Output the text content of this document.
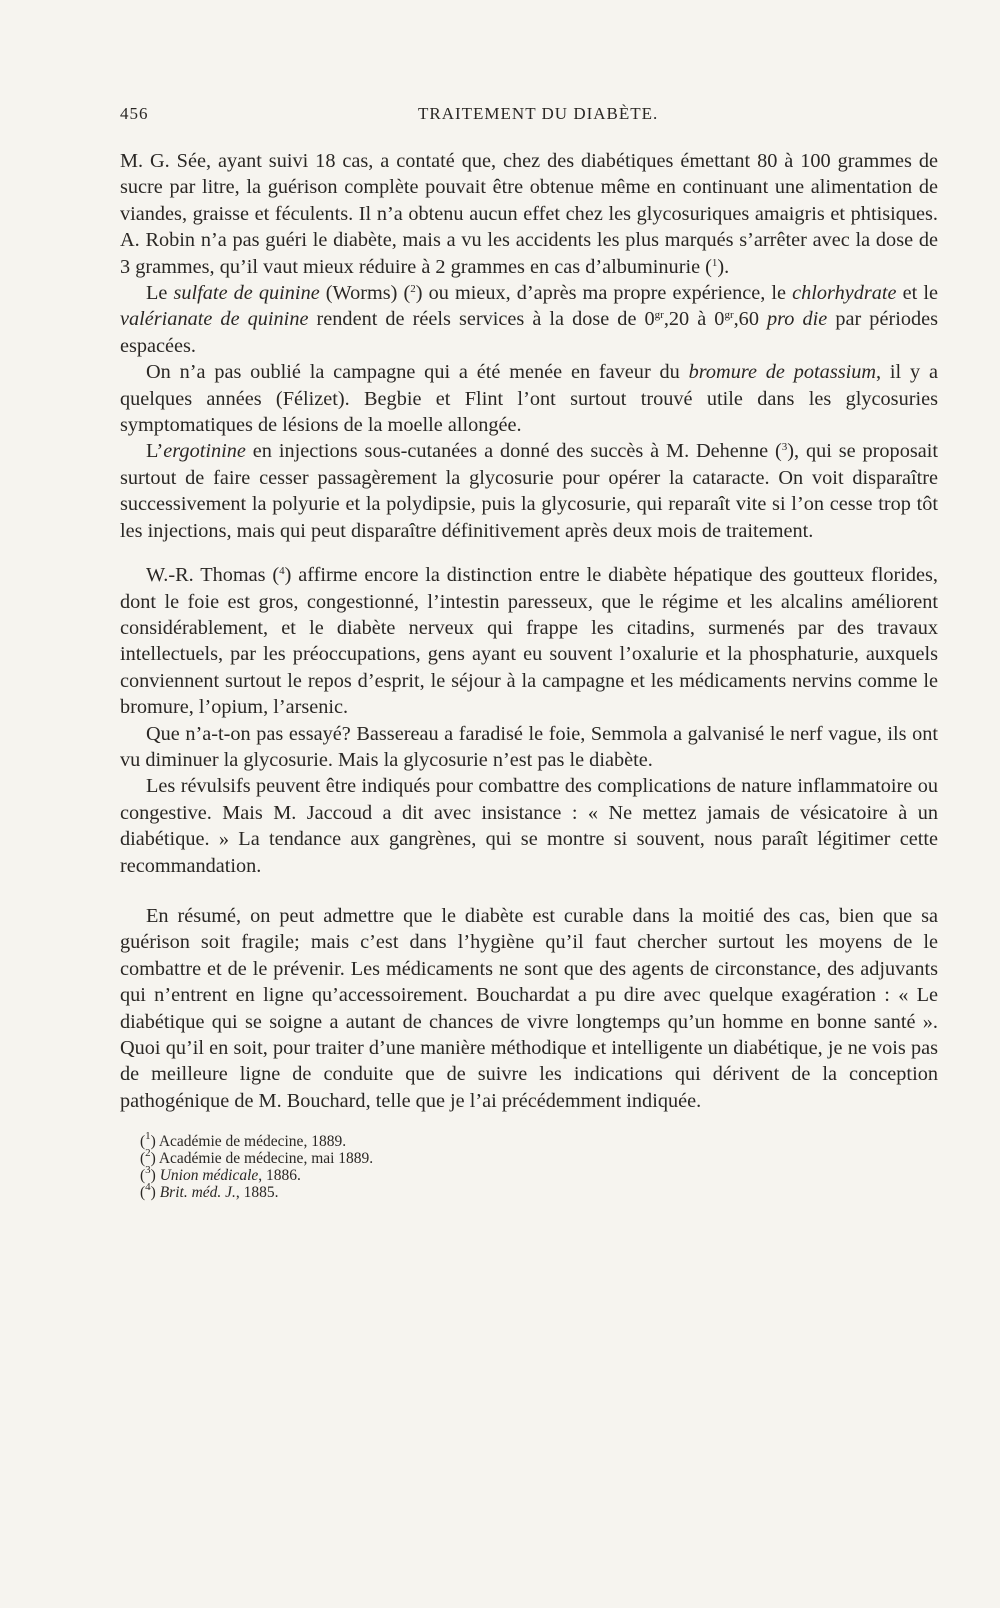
456	TRAITEMENT DU DIABÈTE.

M. G. Sée, ayant suivi 18 cas, a contaté que, chez des diabétiques émettant 80 à 100 grammes de sucre par litre, la guérison complète pouvait être obtenue même en continuant une alimentation de viandes, graisse et féculents. Il n’a obtenu aucun effet chez les glycosuriques amaigris et phtisiques. A. Robin n’a pas guéri le diabète, mais a vu les accidents les plus marqués s’arrêter avec la dose de 3 grammes, qu’il vaut mieux réduire à 2 grammes en cas d’albuminurie ($^1$).

Le sulfate de quinine (Worms) ($^2$) ou mieux, d’après ma propre expérience, le chlorhydrate et le valérianate de quinine rendent de réels services à la dose de $0^{gr},20$ à $0^{gr},60$ pro die par périodes espacées.

On n’a pas oublié la campagne qui a été menée en faveur du bromure de potassium, il y a quelques années (Félizet). Begbie et Flint l’ont surtout trouvé utile dans les glycosuries symptomatiques de lésions de la moelle allongée.

L’ergotinine en injections sous-cutanées a donné des succès à M. Dehenne ($^3$), qui se proposait surtout de faire cesser passagèrement la glycosurie pour opérer la cataracte. On voit disparaître successivement la polyurie et la polydipsie, puis la glycosurie, qui reparaît vite si l’on cesse trop tôt les injections, mais qui peut disparaître définitivement après deux mois de traitement.

W.-R. Thomas ($^4$) affirme encore la distinction entre le diabète hépatique des goutteux florides, dont le foie est gros, congestionné, l’intestin paresseux, que le régime et les alcalins améliorent considérablement, et le diabète nerveux qui frappe les citadins, surmenés par des travaux intellectuels, par les préoccupations, gens ayant eu souvent l’oxalurie et la phosphaturie, auxquels conviennent surtout le repos d’esprit, le séjour à la campagne et les médicaments nervins comme le bromure, l’opium, l’arsenic.

Que n’a-t-on pas essayé? Bassereau a faradisé le foie, Semmola a galvanisé le nerf vague, ils ont vu diminuer la glycosurie. Mais la glycosurie n’est pas le diabète.

Les révulsifs peuvent être indiqués pour combattre des complications de nature inflammatoire ou congestive. Mais M. Jaccoud a dit avec insistance : « Ne mettez jamais de vésicatoire à un diabétique. » La tendance aux gangrènes, qui se montre si souvent, nous paraît légitimer cette recommandation.

En résumé, on peut admettre que le diabète est curable dans la moitié des cas, bien que sa guérison soit fragile; mais c’est dans l’hygiène qu’il faut chercher surtout les moyens de le combattre et de le prévenir. Les médicaments ne sont que des agents de circonstance, des adjuvants qui n’entrent en ligne qu’accessoirement. Bouchardat a pu dire avec quelque exagération : « Le diabétique qui se soigne a autant de chances de vivre longtemps qu’un homme en bonne santé ». Quoi qu’il en soit, pour traiter d’une manière méthodique et intelligente un diabétique, je ne vois pas de meilleure ligne de conduite que de suivre les indications qui dérivent de la conception pathogénique de M. Bouchard, telle que je l’ai précédemment indiquée.

($^1$) Académie de médecine, 1889.
($^2$) Académie de médecine, mai 1889.
($^3$) Union médicale, 1886.
($^4$) Brit. méd. J., 1885.
